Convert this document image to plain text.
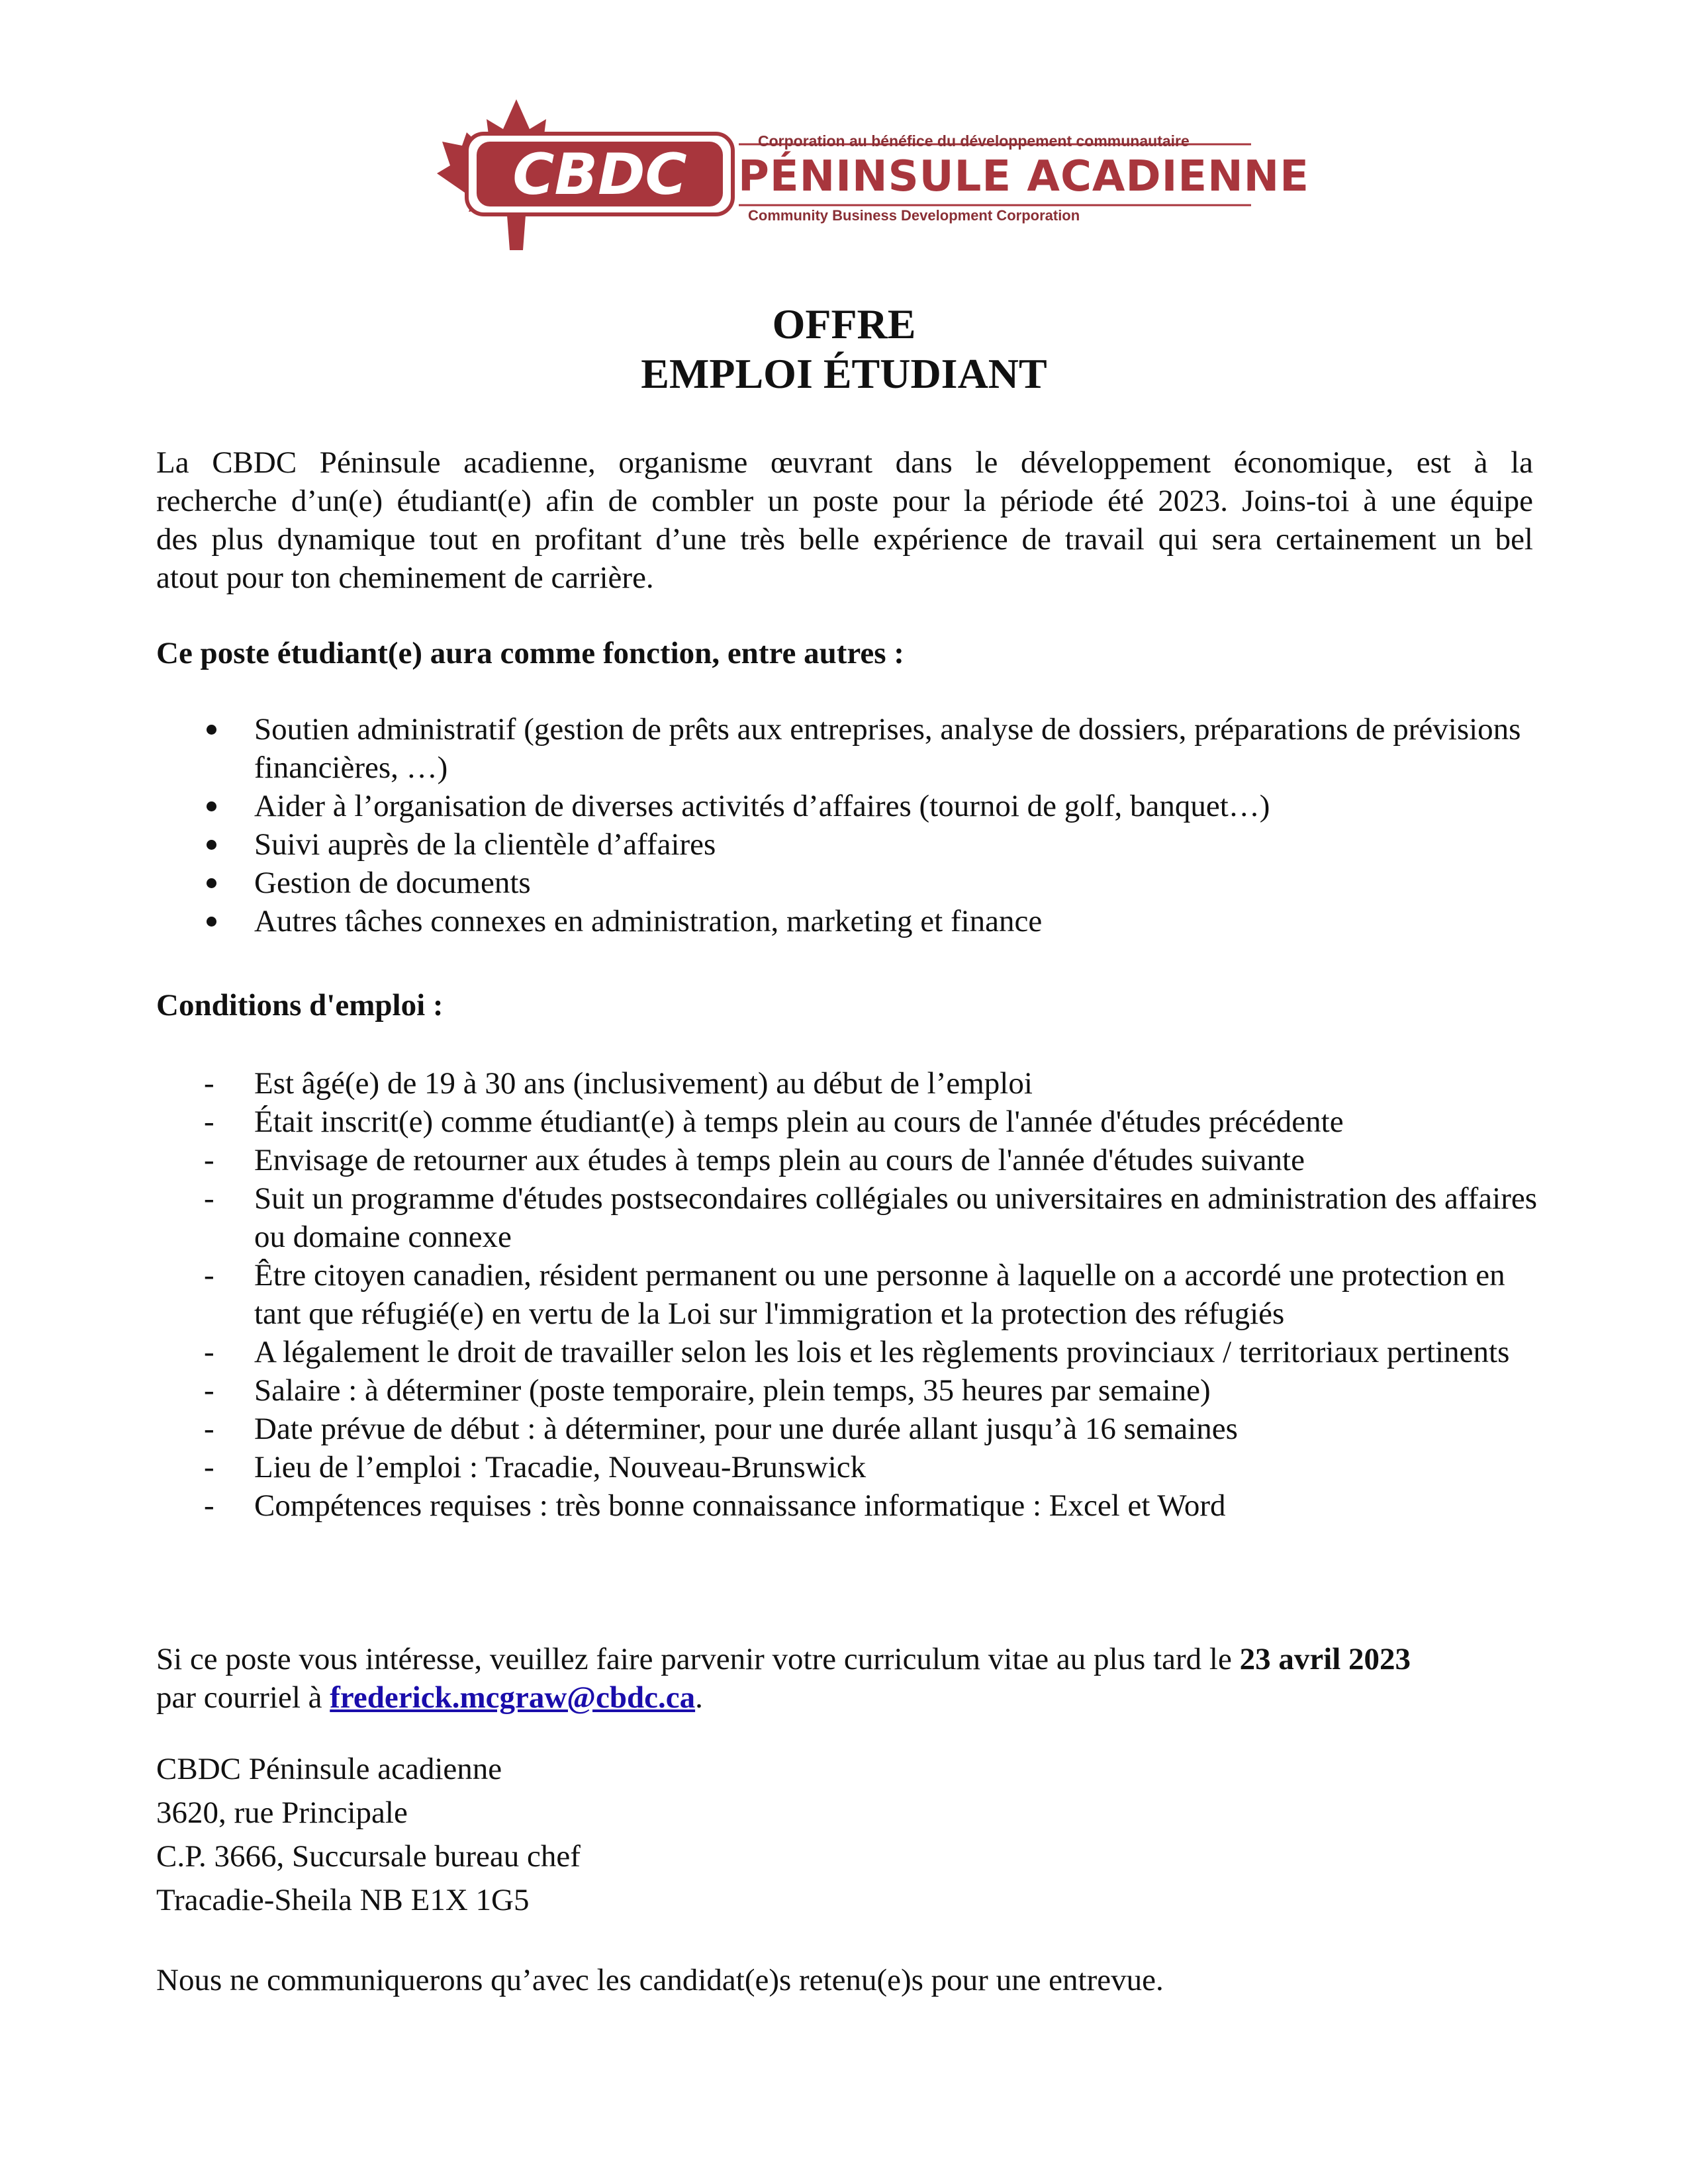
CBDC
Corporation au bénéfice du développement communautaire
PÉNINSULE ACADIENNE
Community Business Development Corporation
OFFRE
EMPLOI ÉTUDIANT
La CBDC Péninsule acadienne, organisme œuvrant dans le développement économique, est à la
recherche d’un(e) étudiant(e) afin de combler un poste pour la période été 2023. Joins-toi à une équipe
des plus dynamique tout en profitant d’une très belle expérience de travail qui sera certainement un bel
atout pour ton cheminement de carrière.
Ce poste étudiant(e) aura comme fonction, entre autres :
Soutien administratif (gestion de prêts aux entreprises, analyse de dossiers, préparations de prévisions financières, …)
Aider à l’organisation de diverses activités d’affaires (tournoi de golf, banquet…)
Suivi auprès de la clientèle d’affaires
Gestion de documents
Autres tâches connexes en administration, marketing et finance
Conditions d'emploi :
- Est âgé(e) de 19 à 30 ans (inclusivement) au début de l’emploi
- Était inscrit(e) comme étudiant(e) à temps plein au cours de l'année d'études précédente
- Envisage de retourner aux études à temps plein au cours de l'année d'études suivante
- Suit un programme d'études postsecondaires collégiales ou universitaires en administration des affaires ou domaine connexe
- Être citoyen canadien, résident permanent ou une personne à laquelle on a accordé une protection en tant que réfugié(e) en vertu de la Loi sur l'immigration et la protection des réfugiés
- A légalement le droit de travailler selon les lois et les règlements provinciaux / territoriaux pertinents
- Salaire : à déterminer (poste temporaire, plein temps, 35 heures par semaine)
- Date prévue de début : à déterminer, pour une durée allant jusqu’à 16 semaines
- Lieu de l’emploi : Tracadie, Nouveau-Brunswick
- Compétences requises : très bonne connaissance informatique : Excel et Word
Si ce poste vous intéresse, veuillez faire parvenir votre curriculum vitae au plus tard le 23 avril 2023
par courriel à frederick.mcgraw@cbdc.ca.
CBDC Péninsule acadienne
3620, rue Principale
C.P. 3666, Succursale bureau chef
Tracadie-Sheila NB E1X 1G5
Nous ne communiquerons qu’avec les candidat(e)s retenu(e)s pour une entrevue.
